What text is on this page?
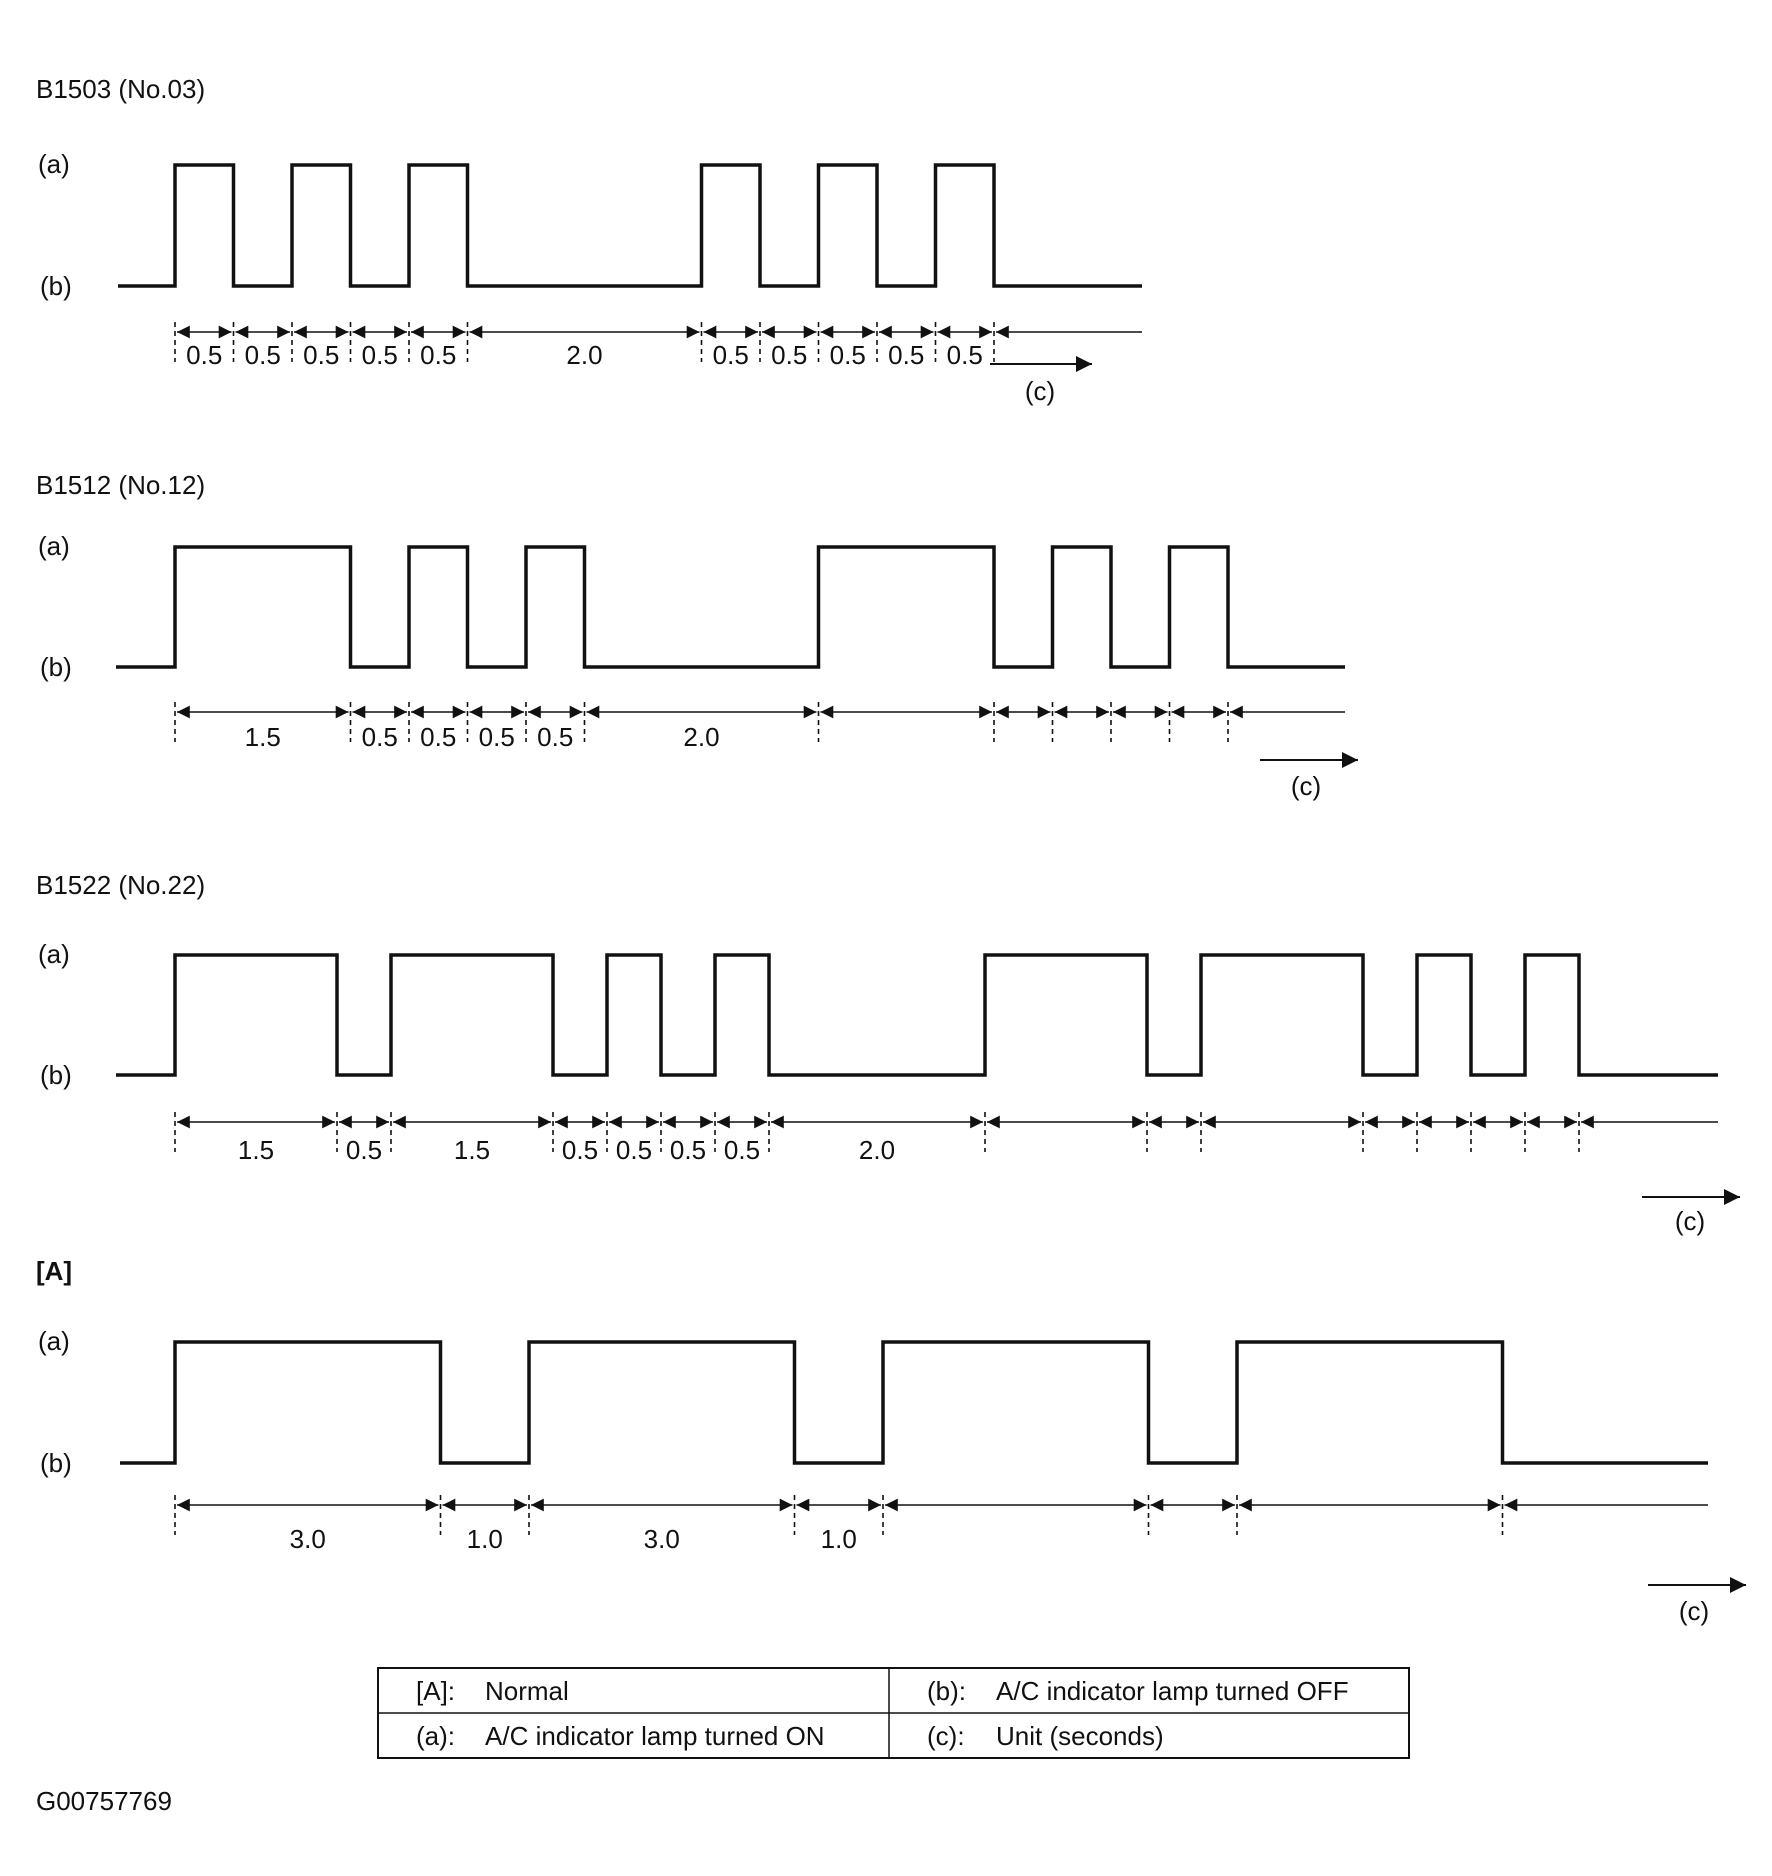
B1503 (No.03)
(a)
(b)
0.5 0.5 0.5 0.5 0.5	2.0	0.5 0.5 0.5 0.5 0.5
(c)
B1512 (No.12)
(a)
(b)
1.5	0.5 0.5 0.5 0.5	2.0
(c)
B1522 (No.22)
(a)
(b)
1.5	0.5	1.5	0.5 0.5 0.5 0.5	2.0
(c)
[A]
(a)
(b)
3.0	1.0	3.0	1.0
(c)
[A]: Normal	(b): A/C indicator lamp turned OFF
(a): A/C indicator lamp turned ON	(c): Unit (seconds)
G00757769
